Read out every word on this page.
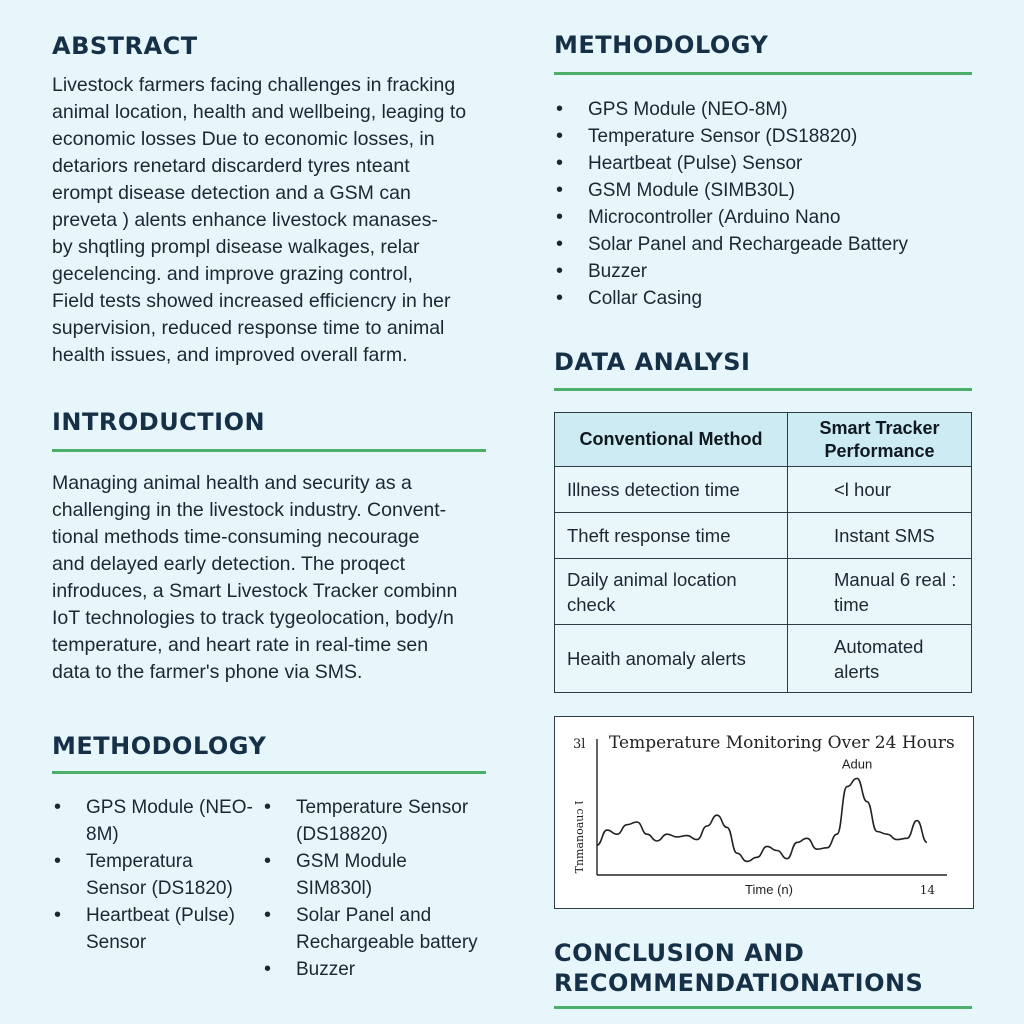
ABSTRACT
Livestock farmers facing challenges in fracking
animal location, health and wellbeing, leaging to
economic losses Due to economic losses, in
detariors renetard discarderd tyres nteant
erompt disease detection and a GSM can
preveta ) alents enhance livestock manases-
by shqtling prompl disease walkages, relar
gecelencing. and improve grazing control,
Field tests showed increased efficiencry in her
supervision, reduced response time to animal
health issues, and improved overall farm.
INTRODUCTION
Managing animal health and security as a
challenging in the livestock industry. Convent-
tional methods time-consuming necourage
and delayed early detection. The proqect
infroduces, a Smart Livestock Tracker combinn
IoT technologies to track tygeolocation, body/n
temperature, and heart rate in real-time sen
data to the farmer's phone via SMS.
METHODOLOGY
• GPS Module (NEO-8M)
• Temperatura Sensor (DS1820)
• Heartbeat (Pulse) Sensor
• Temperature Sensor (DS18820)
• GSM Module SIM830l)
• Solar Panel and Rechargeable battery
• Buzzer
METHODOLOGY
• GPS Module (NEO-8M)
• Temperature Sensor (DS18820)
• Heartbeat (Pulse) Sensor
• GSM Module (SIMB30L)
• Microcontroller (Arduino Nano
• Solar Panel and Rechargeade Battery
• Buzzer
• Collar Casing
DATA ANALYSI
Conventional Method	Smart Tracker Performance
Illness detection time	<l hour
Theft response time	Instant SMS
Daily animal location check	Manual 6 real : time
Heaith anomaly alerts	Automated alerts
Temperature Monitoring Over 24 Hours
3l
Tnmanoauɔ Ɩ
Time (n)	14
Adun
CONCLUSION AND
RECOMMENDATIONATIONS
